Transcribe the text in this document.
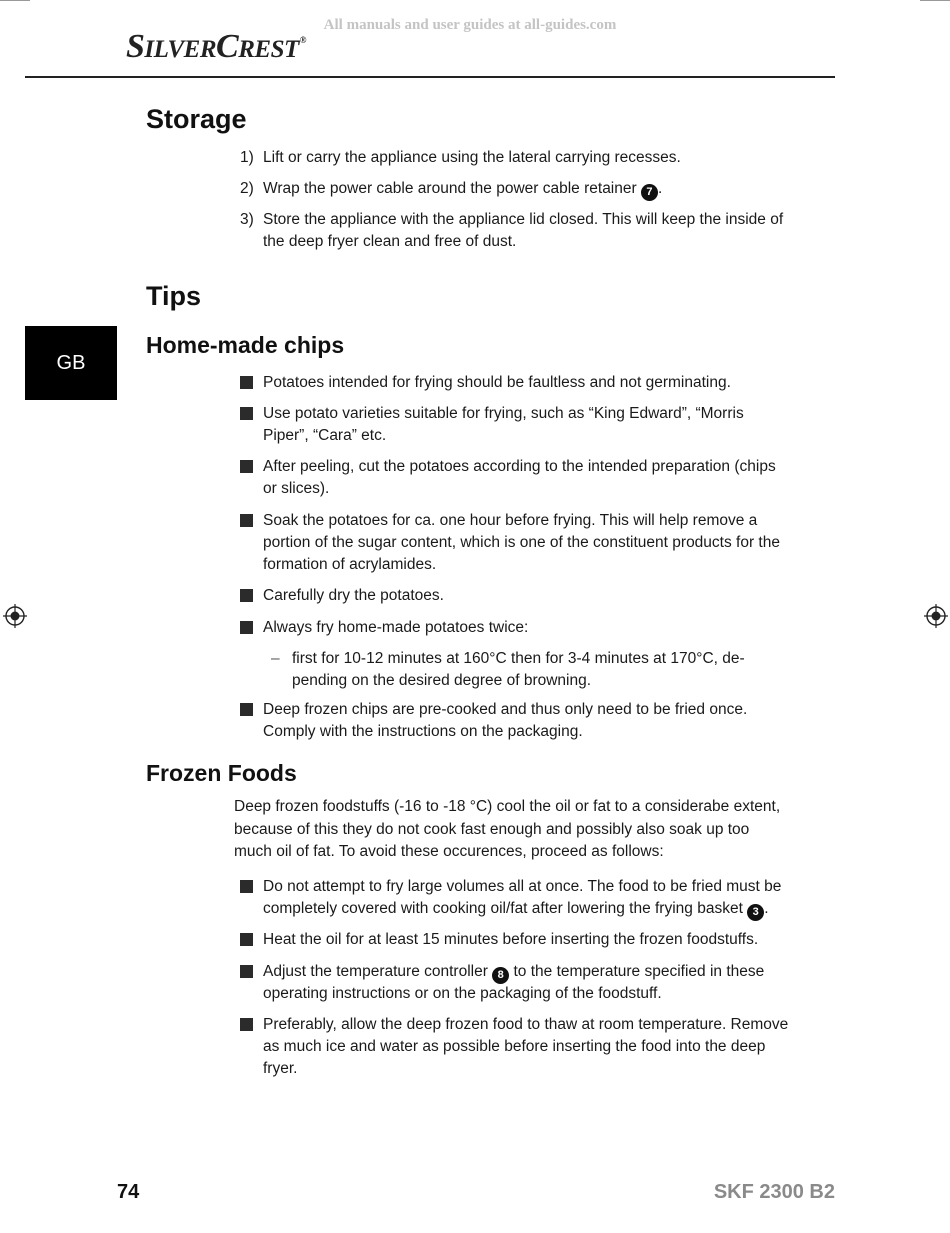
All manuals and user guides at all-guides.com
SILVERCREST®
GB
Storage
1) Lift or carry the appliance using the lateral carrying recesses.

2) Wrap the power cable around the power cable retainer 7 .

3) Store the appliance with the appliance lid closed. This will keep the inside of

the deep fryer clean and free of dust.

Tips
Home-made chips

Potatoes intended for frying should be faultless and not germinating.

Use potato varieties suitable for frying, such as “King Edward”, “Morris

Piper”, “Cara” etc.

After peeling, cut the potatoes according to the intended preparation (chips

or slices).

Soak the potatoes for ca. one hour before frying. This will help remove a

portion of the sugar content, which is one of the constituent products for the

formation of acrylamides.

Carefully dry the potatoes.

Always fry home-made potatoes twice:

– first for 10-12 minutes at 160°C then for 3-4 minutes at 170°C, de-

pending on the desired degree of browning.

Deep frozen chips are pre-cooked and thus only need to be fried once.

Comply with the instructions on the packaging.

Frozen Foods

Deep frozen foodstuffs (-16 to -18 °C) cool the oil or fat to a considerabe extent,

because of this they do not cook fast enough and possibly also soak up too

much oil of fat. To avoid these occurences, proceed as follows:

Do not attempt to fry large volumes all at once. The food to be fried must be

completely covered with cooking oil/fat after lowering the frying basket 3 .

Heat the oil for at least 15 minutes before inserting the frozen foodstuffs.

Adjust the temperature controller 8 to the temperature specified in these

operating instructions or on the packaging of the foodstuff.

Preferably, allow the deep frozen food to thaw at room temperature. Remove

as much ice and water as possible before inserting the food into the deep

fryer.

74	SKF 2300 B2
